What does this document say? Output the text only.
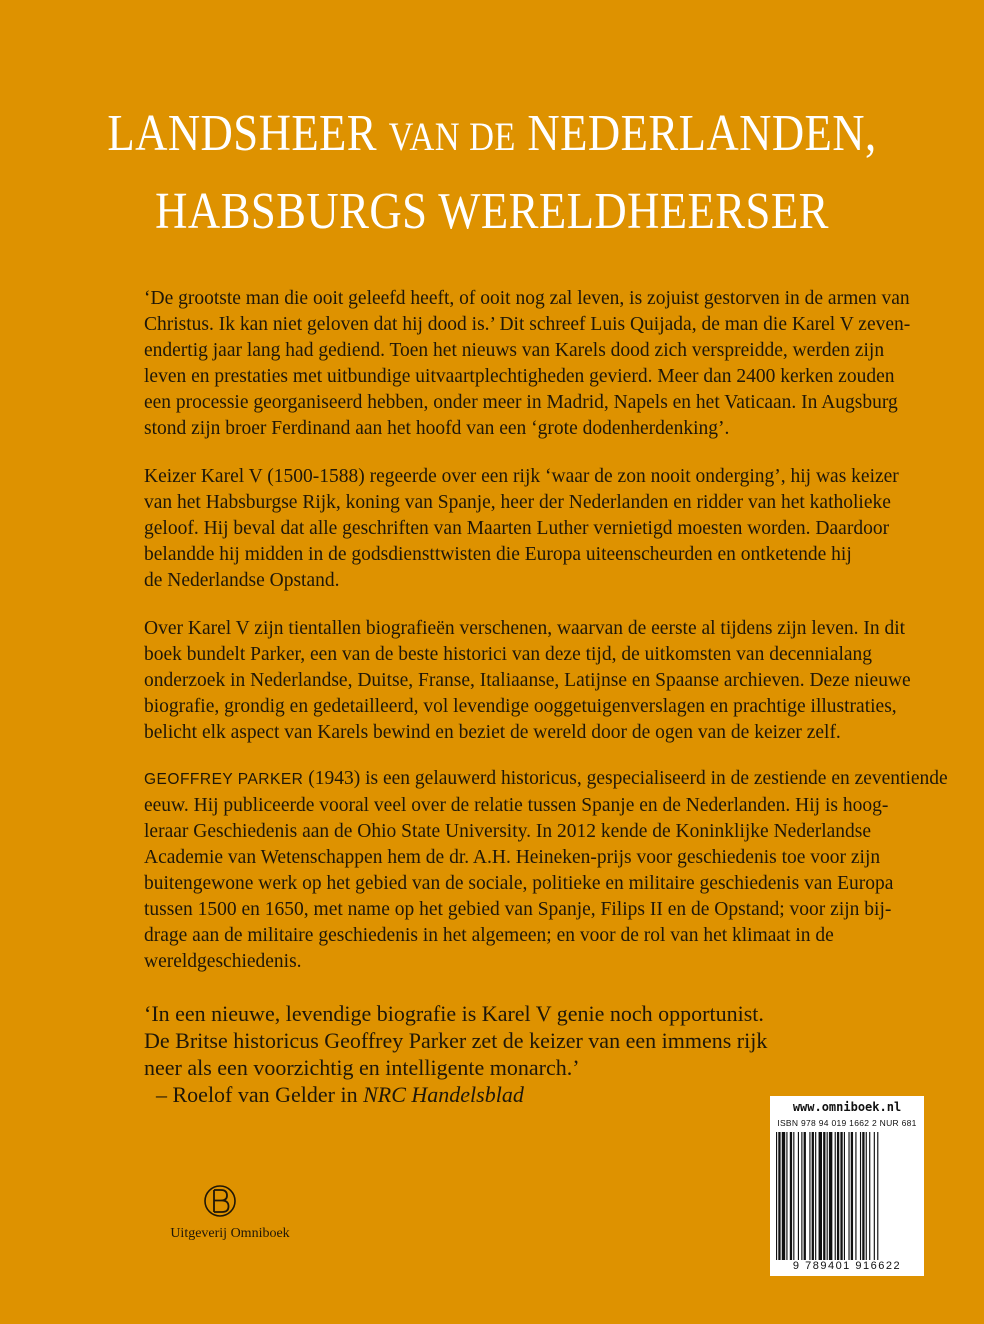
LANDSHEER VAN DE NEDERLANDEN,
HABSBURGS WERELDHEERSER
‘De grootste man die ooit geleefd heeft, of ooit nog zal leven, is zojuist gestorven in de armen van
Christus. Ik kan niet geloven dat hij dood is.’ Dit schreef Luis Quijada, de man die Karel V zeven-
endertig jaar lang had gediend. Toen het nieuws van Karels dood zich verspreidde, werden zijn
leven en prestaties met uitbundige uitvaartplechtigheden gevierd. Meer dan 2400 kerken zouden
een processie georganiseerd hebben, onder meer in Madrid, Napels en het Vaticaan. In Augsburg
stond zijn broer Ferdinand aan het hoofd van een ‘grote dodenherdenking’.
Keizer Karel V (1500-1588) regeerde over een rijk ‘waar de zon nooit onderging’, hij was keizer
van het Habsburgse Rijk, koning van Spanje, heer der Nederlanden en ridder van het katholieke
geloof. Hij beval dat alle geschriften van Maarten Luther vernietigd moesten worden. Daardoor
belandde hij midden in de godsdiensttwisten die Europa uiteenscheurden en ontketende hij
de Nederlandse Opstand.
Over Karel V zijn tientallen biografieën verschenen, waarvan de eerste al tijdens zijn leven. In dit
boek bundelt Parker, een van de beste historici van deze tijd, de uitkomsten van decennialang
onderzoek in Nederlandse, Duitse, Franse, Italiaanse, Latijnse en Spaanse archieven. Deze nieuwe
biografie, grondig en gedetailleerd, vol levendige ooggetuigenverslagen en prachtige illustraties,
belicht elk aspect van Karels bewind en beziet de wereld door de ogen van de keizer zelf.
GEOFFREY PARKER (1943) is een gelauwerd historicus, gespecialiseerd in de zestiende en zeventiende
eeuw. Hij publiceerde vooral veel over de relatie tussen Spanje en de Nederlanden. Hij is hoog-
leraar Geschiedenis aan de Ohio State University. In 2012 kende de Koninklijke Nederlandse
Academie van Wetenschappen hem de dr. A.H. Heineken-prijs voor geschiedenis toe voor zijn
buitengewone werk op het gebied van de sociale, politieke en militaire geschiedenis van Europa
tussen 1500 en 1650, met name op het gebied van Spanje, Filips II en de Opstand; voor zijn bij-
drage aan de militaire geschiedenis in het algemeen; en voor de rol van het klimaat in de
wereldgeschiedenis.
‘In een nieuwe, levendige biografie is Karel V genie noch opportunist.
De Britse historicus Geoffrey Parker zet de keizer van een immens rijk
neer als een voorzichtig en intelligente monarch.’
– Roelof van Gelder in NRC Handelsblad

Uitgeverij Omniboek

www.omniboek.nl
ISBN 978 94 019 1662 2 NUR 681
9 789401 916622
